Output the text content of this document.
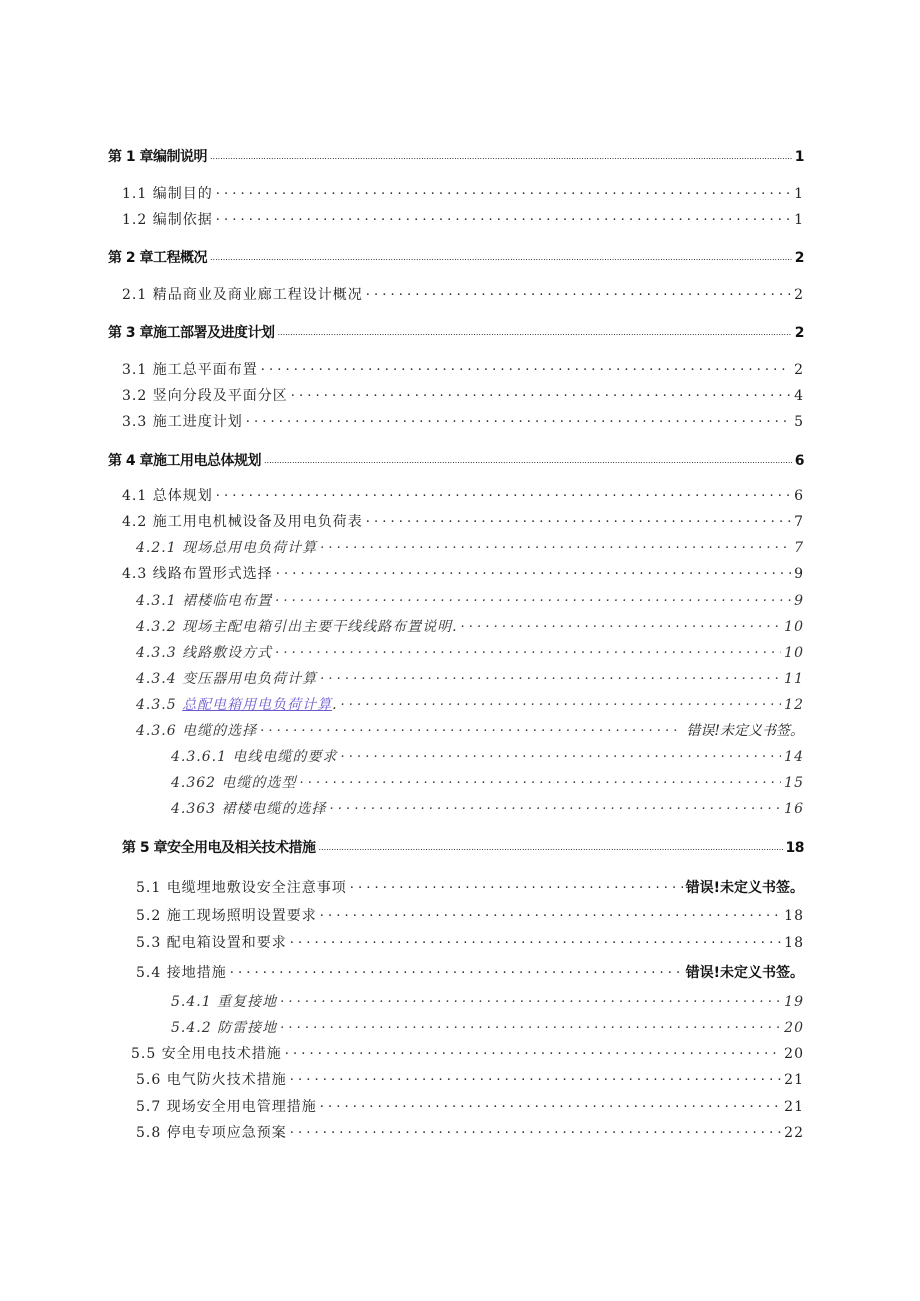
第 1 章编制说明 .....	1
1.1 编制目的 . . .	1
1.2 编制依据 . . .	1
第 2 章工程概况 .....	2
2.1 精品商业及商业廊工程设计概况 . . .	2
第 3 章施工部署及进度计划 .....	2
3.1 施工总平面布置 . . .	2
3.2 竖向分段及平面分区 . . .	4
3.3 施工进度计划 . . .	5
第 4 章施工用电总体规划 .....	6
4.1 总体规划 . . .	6
4.2 施工用电机械设备及用电负荷表 . . .	7
4.2.1 现场总用电负荷计算 . . .	7
4.3 线路布置形式选择 . . .	9
4.3.1 裙楼临电布置 . . .	9
4.3.2 现场主配电箱引出主要干线线路布置说明. . . .	10
4.3.3 线路敷设方式 . . .	10
4.3.4 变压器用电负荷计算 . . .	11
4.3.5 总配电箱用电负荷计算. . . .	12
4.3.6 电缆的选择 . . .	错误!未定义书签。
4.3.6.1 电线电缆的要求 . . .	14
4.362 电缆的选型 . . .	15
4.363 裙楼电缆的选择 . . .	16
第 5 章安全用电及相关技术措施 .....	18
5.1 电缆埋地敷设安全注意事项 . . .	错误!未定义书签。
5.2 施工现场照明设置要求 . . .	18
5.3 配电箱设置和要求 . . .	18
5.4 接地措施 . . .	错误!未定义书签。
5.4.1 重复接地 . . .	19
5.4.2 防雷接地 . . .	20
5.5 安全用电技术措施 . . .	20
5.6 电气防火技术措施 . . .	21
5.7 现场安全用电管理措施 . . .	21
5.8 停电专项应急预案 . . .	22
